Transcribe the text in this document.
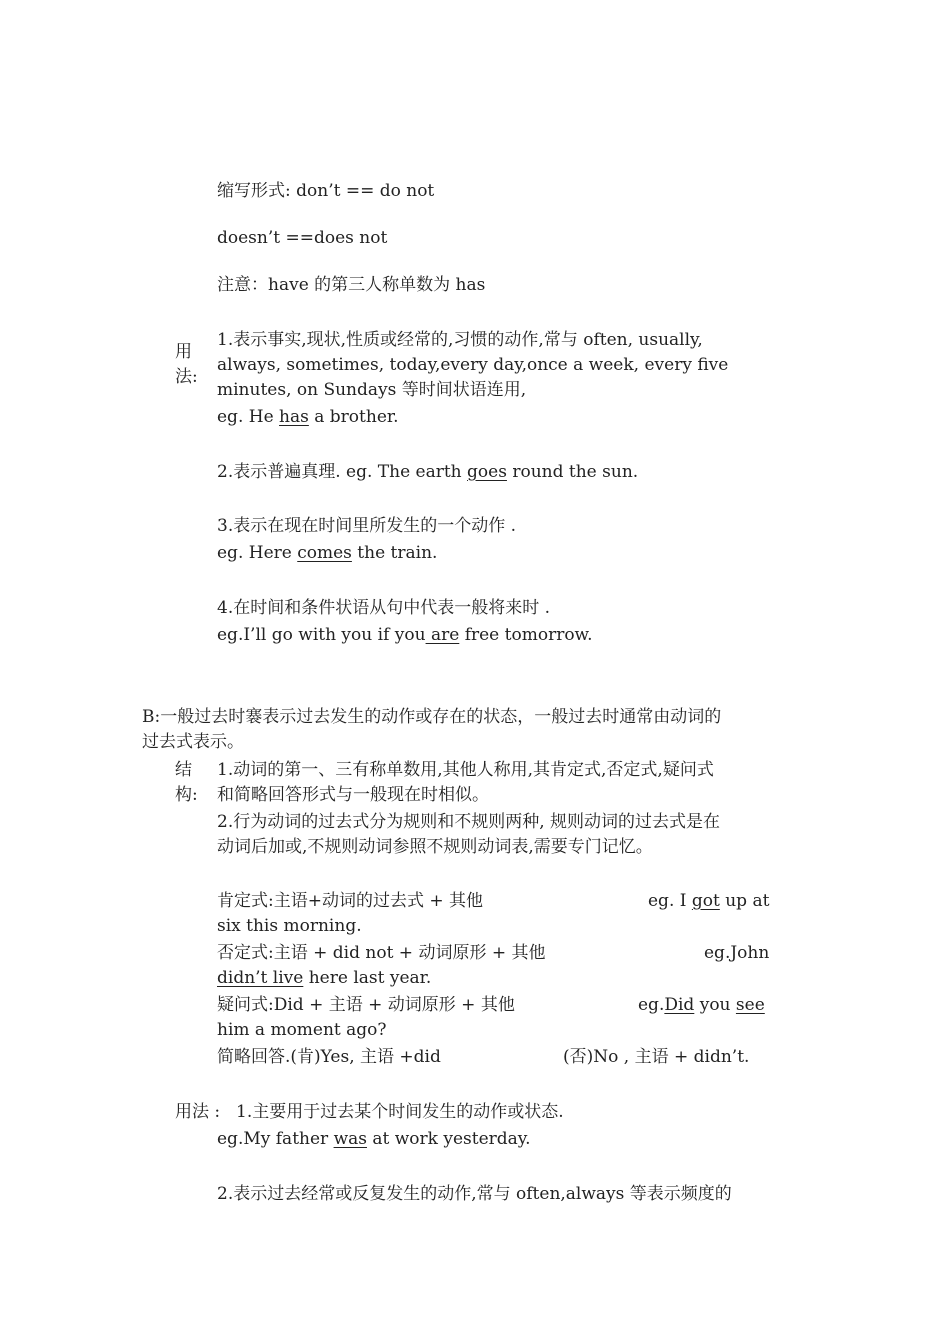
缩写形式: don’t == do not
doesn’t ==does not
注意：have 的第三人称单数为 has
用
法:
1.表示事实,现状,性质或经常的,习惯的动作,常与 often, usually,
always, sometimes, today,every day,once a week, every five
minutes, on Sundays 等时间状语连用,
eg. He has a brother.
2.表示普遍真理. eg. The earth goes round the sun.
3.表示在现在时间里所发生的一个动作 .
eg. Here comes the train.
4.在时间和条件状语从句中代表一般将来时 .
eg.I’ll go with you if you are free tomorrow.
B:一般过去时褰表示过去发生的动作或存在的状态，一般过去时通常由动词的
过去式表示。
结
构:
1.动词的第一、三有称单数用,其他人称用,其肯定式,否定式,疑问式
和简略回答形式与一般现在时相似。
2.行为动词的过去式分为规则和不规则两种, 规则动词的过去式是在
动词后加或,不规则动词参照不规则动词表,需要专门记忆。
肯定式:主语+动词的过去式 + 其他	eg. I got up at
six this morning.
否定式:主语 + did not + 动词原形 + 其他	eg.John
didn’t live here last year.
疑问式:Did + 主语 + 动词原形 + 其他	eg.Did you see
him a moment ago?
简略回答.(肯)Yes, 主语 +did	(否)No , 主语 + didn’t.
用法 : 1.主要用于过去某个时间发生的动作或状态.
eg.My father was at work yesterday.
2.表示过去经常或反复发生的动作,常与 often,always 等表示频度的
